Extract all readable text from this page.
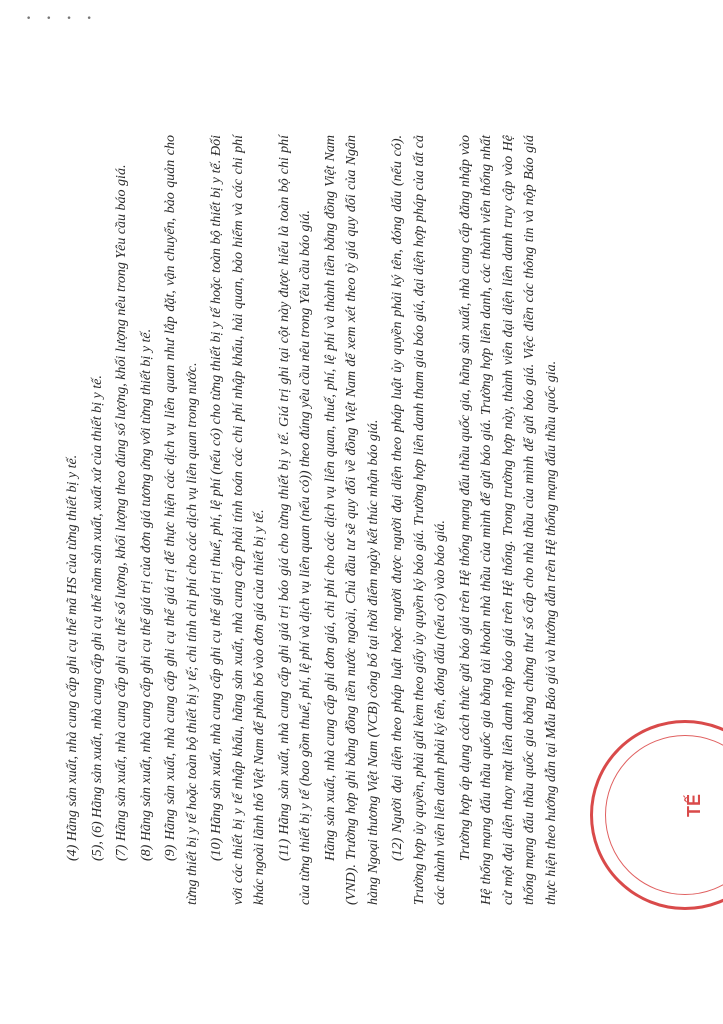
• • • •

(4) Hãng sản xuất, nhà cung cấp ghi cụ thể mã HS của từng thiết bị y tế. (5), (6) Hãng sản xuất, nhà cung cấp ghi cụ thể năm sản xuất, xuất xứ của thiết bị y tế. (7) Hãng sản xuất, nhà cung cấp ghi cụ thể số lượng, khối lượng theo đúng số lượng, khối lượng nêu trong Yêu cầu báo giá. (8) Hãng sản xuất, nhà cung cấp ghi cụ thể giá trị của đơn giá tương ứng với từng thiết bị y tế. (9) Hãng sản xuất, nhà cung cấp ghi cụ thể giá trị để thực hiện các dịch vụ liên quan như lắp đặt, vận chuyển, bảo quản cho từng thiết bị y tế hoặc toàn bộ thiết bị y tế; chi tính chi phí cho các dịch vụ liên quan trong nước. (10) Hãng sản xuất, nhà cung cấp ghi cụ thể giá trị thuế, phí, lệ phí (nếu có) cho từng thiết bị y tế hoặc toàn bộ thiết bị y tế. Đối với các thiết bị y tế nhập khẩu, hãng sản xuất, nhà cung cấp phải tính toán các chi phí nhập khẩu, hải quan, bảo hiểm và các chi phí khác ngoài lãnh thổ Việt Nam để phân bổ vào đơn giá của thiết bị y tế. (11) Hãng sản xuất, nhà cung cấp ghi giá trị báo giá cho từng thiết bị y tế. Giá trị ghi tại cột này được hiểu là toàn bộ chi phí của từng thiết bị y tế (bao gồm thuế, phí, lệ phí và dịch vụ liên quan (nếu có)) theo đúng yêu cầu nêu trong Yêu cầu báo giá. Hãng sản xuất, nhà cung cấp ghi đơn giá, chi phí cho các dịch vụ liên quan, thuế, phí, lệ phí và thành tiền bằng đồng Việt Nam (VND). Trường hợp ghi bằng đồng tiền nước ngoài, Chủ đầu tư sẽ quy đổi về đồng Việt Nam để xem xét theo tỷ giá quy đổi của Ngân hàng Ngoại thương Việt Nam (VCB) công bố tại thời điểm ngày kết thúc nhận báo giá. (12) Người đại diện theo pháp luật hoặc người được người đại diện theo pháp luật ủy quyền phải ký tên, đóng dấu (nếu có). Trường hợp ủy quyền, phải gửi kèm theo giấy ủy quyền ký báo giá. Trường hợp liên danh tham gia báo giá, đại diện hợp pháp của tất cả các thành viên liên danh phải ký tên, đóng dấu (nếu có) vào báo giá. Trường hợp áp dụng cách thức gửi báo giá trên Hệ thống mạng đấu thầu quốc gia, hãng sản xuất, nhà cung cấp đăng nhập vào Hệ thống mạng đấu thầu quốc gia bằng tài khoản nhà thầu của mình để gửi báo giá. Trường hợp liên danh, các thành viên thống nhất cử một đại diện thay mặt liên danh nộp báo giá trên Hệ thống. Trong trường hợp này, thành viên đại diện liên danh truy cập vào Hệ thống mạng đấu thầu quốc gia bằng chứng thư số cấp cho nhà thầu của mình để gửi báo giá. Việc điền các thông tin và nộp Báo giá thực hiện theo hướng dẫn tại Mẫu Báo giá và hướng dẫn trên Hệ thống mạng đấu thầu quốc gia.	TẾ
